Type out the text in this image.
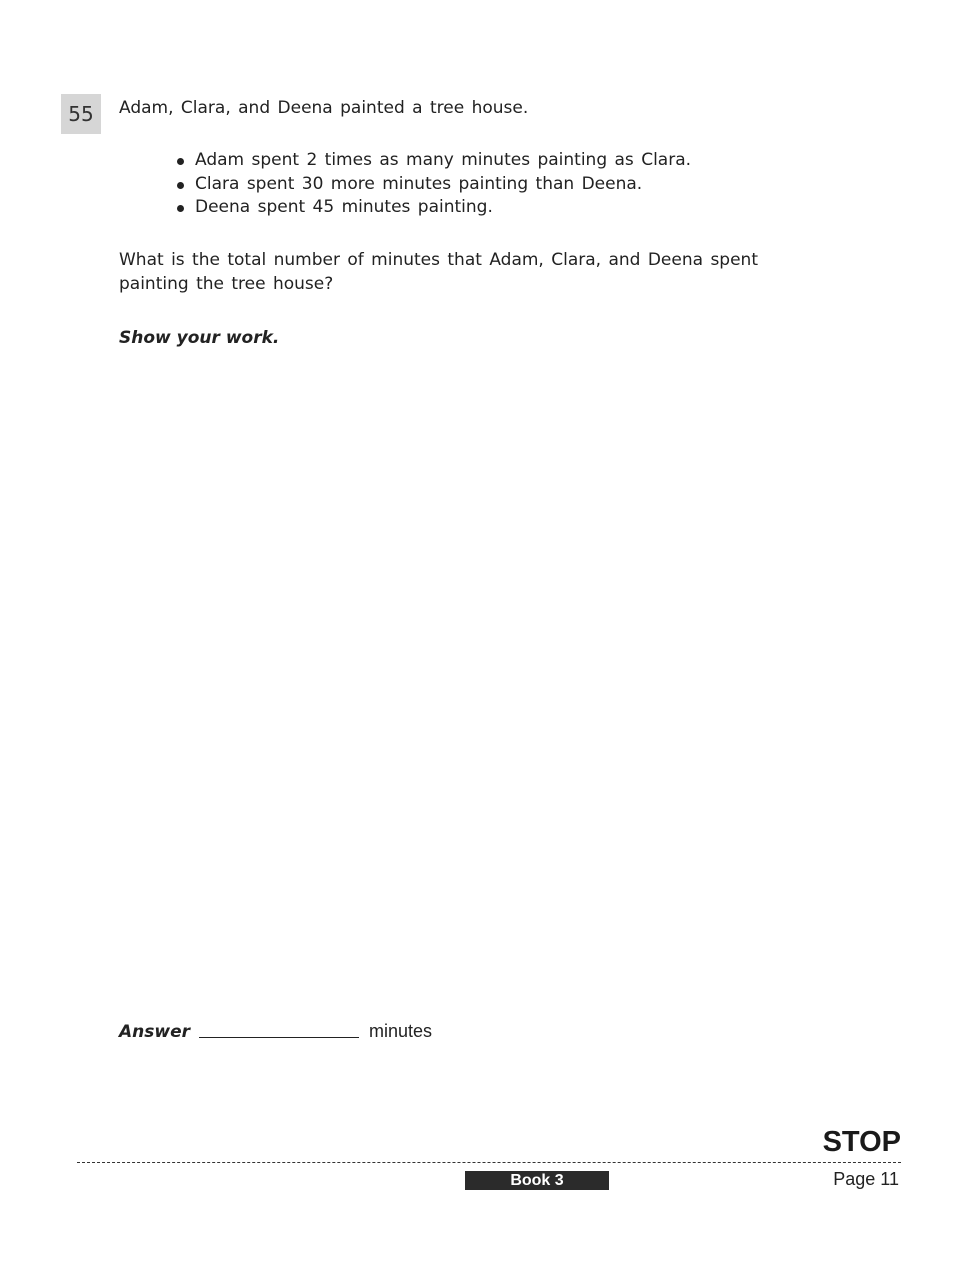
55	Adam, Clara, and Deena painted a tree house.
Adam spent 2 times as many minutes painting as Clara.
Clara spent 30 more minutes painting than Deena.
Deena spent 45 minutes painting.
What is the total number of minutes that Adam, Clara, and Deena spent painting the tree house?
Show your work.
Answer	minutes
STOP
Book 3	Page 11
